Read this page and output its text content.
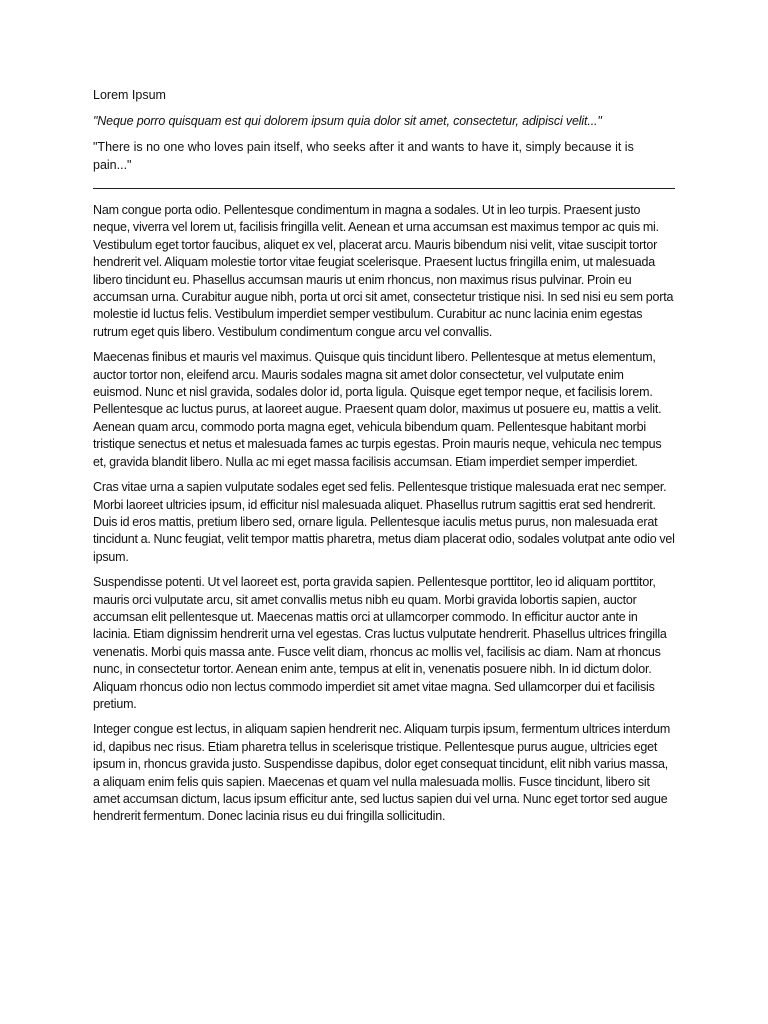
Lorem Ipsum
"Neque porro quisquam est qui dolorem ipsum quia dolor sit amet, consectetur, adipisci velit..."
"There is no one who loves pain itself, who seeks after it and wants to have it, simply because it is pain..."

Nam congue porta odio. Pellentesque condimentum in magna a sodales. Ut in leo turpis. Praesent justo neque, viverra vel lorem ut, facilisis fringilla velit. Aenean et urna accumsan est maximus tempor ac quis mi. Vestibulum eget tortor faucibus, aliquet ex vel, placerat arcu. Mauris bibendum nisi velit, vitae suscipit tortor hendrerit vel. Aliquam molestie tortor vitae feugiat scelerisque. Praesent luctus fringilla enim, ut malesuada libero tincidunt eu. Phasellus accumsan mauris ut enim rhoncus, non maximus risus pulvinar. Proin eu accumsan urna. Curabitur augue nibh, porta ut orci sit amet, consectetur tristique nisi. In sed nisi eu sem porta molestie id luctus felis. Vestibulum imperdiet semper vestibulum. Curabitur ac nunc lacinia enim egestas rutrum eget quis libero. Vestibulum condimentum congue arcu vel convallis.

Maecenas finibus et mauris vel maximus. Quisque quis tincidunt libero. Pellentesque at metus elementum, auctor tortor non, eleifend arcu. Mauris sodales magna sit amet dolor consectetur, vel vulputate enim euismod. Nunc et nisl gravida, sodales dolor id, porta ligula. Quisque eget tempor neque, et facilisis lorem. Pellentesque ac luctus purus, at laoreet augue. Praesent quam dolor, maximus ut posuere eu, mattis a velit. Aenean quam arcu, commodo porta magna eget, vehicula bibendum quam. Pellentesque habitant morbi tristique senectus et netus et malesuada fames ac turpis egestas. Proin mauris neque, vehicula nec tempus et, gravida blandit libero. Nulla ac mi eget massa facilisis accumsan. Etiam imperdiet semper imperdiet.

Cras vitae urna a sapien vulputate sodales eget sed felis. Pellentesque tristique malesuada erat nec semper. Morbi laoreet ultricies ipsum, id efficitur nisl malesuada aliquet. Phasellus rutrum sagittis erat sed hendrerit. Duis id eros mattis, pretium libero sed, ornare ligula. Pellentesque iaculis metus purus, non malesuada erat tincidunt a. Nunc feugiat, velit tempor mattis pharetra, metus diam placerat odio, sodales volutpat ante odio vel ipsum.

Suspendisse potenti. Ut vel laoreet est, porta gravida sapien. Pellentesque porttitor, leo id aliquam porttitor, mauris orci vulputate arcu, sit amet convallis metus nibh eu quam. Morbi gravida lobortis sapien, auctor accumsan elit pellentesque ut. Maecenas mattis orci at ullamcorper commodo. In efficitur auctor ante in lacinia. Etiam dignissim hendrerit urna vel egestas. Cras luctus vulputate hendrerit. Phasellus ultrices fringilla venenatis. Morbi quis massa ante. Fusce velit diam, rhoncus ac mollis vel, facilisis ac diam. Nam at rhoncus nunc, in consectetur tortor. Aenean enim ante, tempus at elit in, venenatis posuere nibh. In id dictum dolor. Aliquam rhoncus odio non lectus commodo imperdiet sit amet vitae magna. Sed ullamcorper dui et facilisis pretium.

Integer congue est lectus, in aliquam sapien hendrerit nec. Aliquam turpis ipsum, fermentum ultrices interdum id, dapibus nec risus. Etiam pharetra tellus in scelerisque tristique. Pellentesque purus augue, ultricies eget ipsum in, rhoncus gravida justo. Suspendisse dapibus, dolor eget consequat tincidunt, elit nibh varius massa, a aliquam enim felis quis sapien. Maecenas et quam vel nulla malesuada mollis. Fusce tincidunt, libero sit amet accumsan dictum, lacus ipsum efficitur ante, sed luctus sapien dui vel urna. Nunc eget tortor sed augue hendrerit fermentum. Donec lacinia risus eu dui fringilla sollicitudin.
